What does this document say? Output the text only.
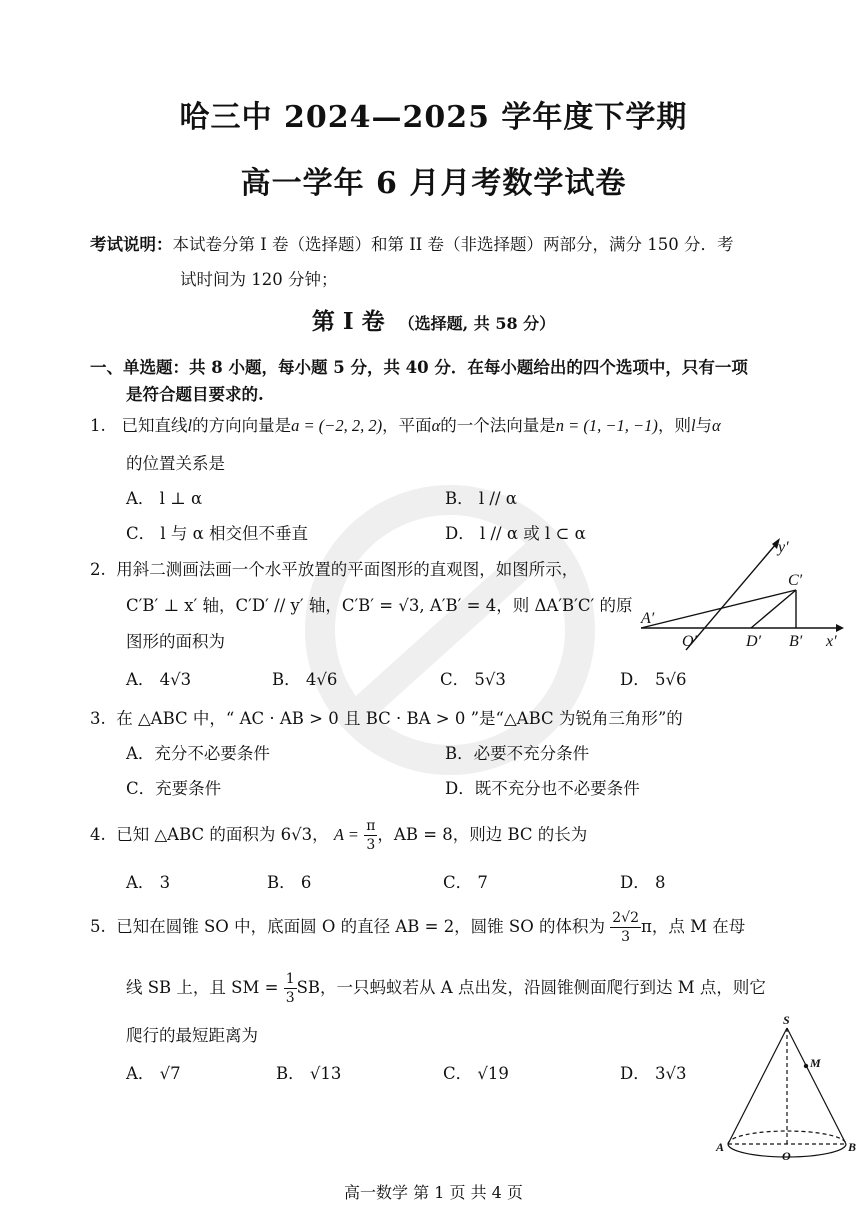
哈三中 2024—2025 学年度下学期
高一学年 6 月月考数学试卷
考试说明：本试卷分第 I 卷（选择题）和第 II 卷（非选择题）两部分，满分 150 分．考
试时间为 120 分钟；
第 I 卷 （选择题, 共 58 分）
一、单选题：共 8 小题，每小题 5 分，共 40 分．在每小题给出的四个选项中，只有一项
是符合题目要求的.
1. 已知直线l的方向向量是a = (−2, 2, 2)，平面α的一个法向量是n = (1, −1, −1)，则l与α
的位置关系是
A． l ⊥ α	B． l // α
C． l 与 α 相交但不垂直	D． l // α 或 l ⊂ α
2. 用斜二测画法画一个水平放置的平面图形的直观图，如图所示，
C′B′ ⊥ x′ 轴，C′D′ // y′ 轴，C′B′ = √3, A′B′ = 4，则 ΔA′B′C′ 的原
图形的面积为
A． 4√3	B． 4√6	C． 5√3	D． 5√6
y′
C′
A′
O′	D′ B′ x′
3. 在 △ABC 中，“ AC · AB > 0 且 BC · BA > 0 ”是“△ABC 为锐角三角形”的
A．充分不必要条件	B．必要不充分条件
C．充要条件	D．既不充分也不必要条件
4. 已知 △ABC 的面积为 6√3， $A = \frac{\pi}{3}$ ，AB = 8，则边 BC 的长为
A． 3	B． 6	C． 7	D． 8
5. 已知在圆锥 SO 中，底面圆 O 的直径 AB = 2，圆锥 SO 的体积为 $\frac{2√2}{3}$ π，点 M 在母
线 SB 上，且 SM = $\frac{1}{3}$ SB，一只蚂蚁若从 A 点出发，沿圆锥侧面爬行到达 M 点，则它
爬行的最短距离为
A． √7	B． √13	C． √19	D． 3√3
S
M
A
O
B
高一数学 第 1 页 共 4 页
